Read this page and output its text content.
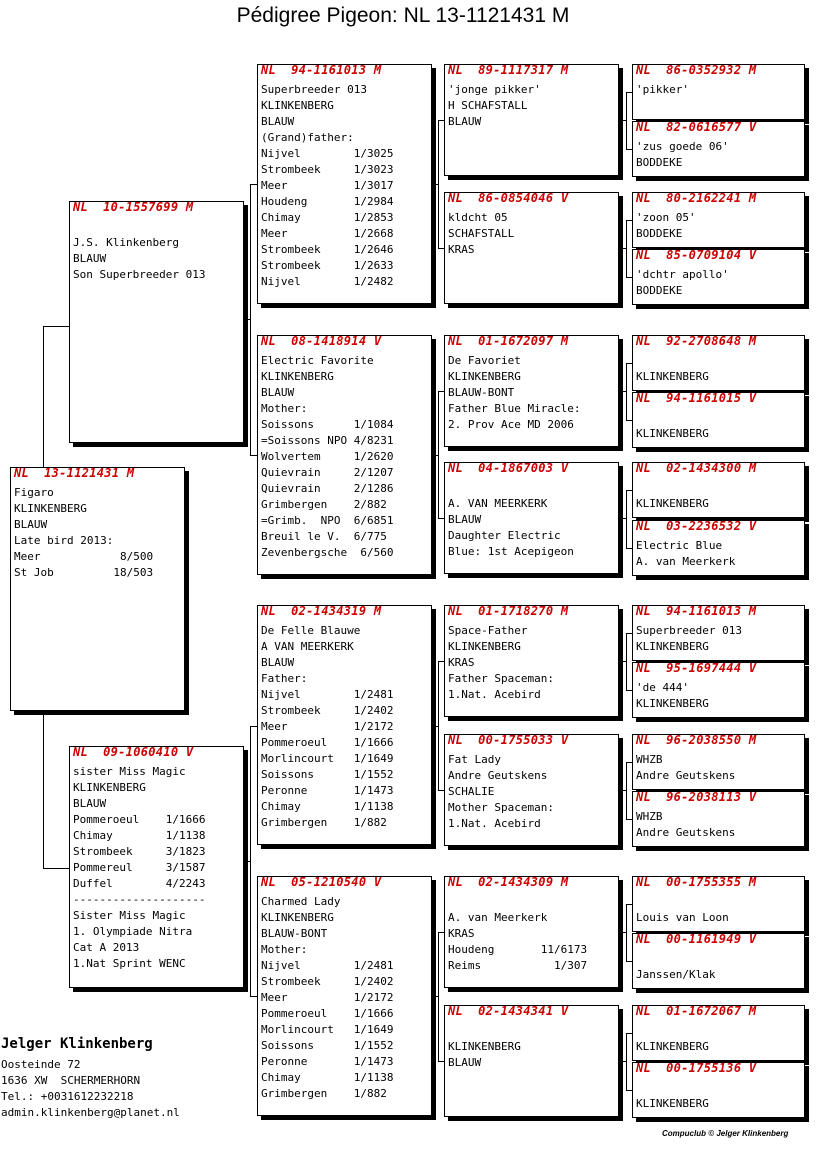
Pédigree Pigeon: NL 13-1121431 M
NL  13-1121431 M
Figaro
KLINKENBERG
BLAUW
Late bird 2013:
Meer            8/500
St Job         18/503
NL  10-1557699 M
J.S. Klinkenberg
BLAUW
Son Superbreeder 013
NL  09-1060410 V
sister Miss Magic
KLINKENBERG
BLAUW
Pommeroeul    1/1666
Chimay        1/1138
Strombeek     3/1823
Pommereul     3/1587
Duffel        4/2243
--------------------
Sister Miss Magic
1. Olympiade Nitra
Cat A 2013
1.Nat Sprint WENC
NL  94-1161013 M
Superbreeder 013
KLINKENBERG
BLAUW
(Grand)father:
Nijvel        1/3025
Strombeek     1/3023
Meer          1/3017
Houdeng       1/2984
Chimay        1/2853
Meer          1/2668
Strombeek     1/2646
Strombeek     1/2633
Nijvel        1/2482
NL  08-1418914 V
Electric Favorite
KLINKENBERG
BLAUW
Mother:
Soissons      1/1084
=Soissons NPO 4/8231
Wolvertem     1/2620
Quievrain     2/1207
Quievrain     2/1286
Grimbergen    2/882
=Grimb.  NPO  6/6851
Breuil le V.  6/775
Zevenbergsche  6/560
NL  02-1434319 M
De Felle Blauwe
A VAN MEERKERK
BLAUW
Father:
Nijvel        1/2481
Strombeek     1/2402
Meer          1/2172
Pommeroeul    1/1666
Morlincourt   1/1649
Soissons      1/1552
Peronne       1/1473
Chimay        1/1138
Grimbergen    1/882
NL  05-1210540 V
Charmed Lady
KLINKENBERG
BLAUW-BONT
Mother:
Nijvel        1/2481
Strombeek     1/2402
Meer          1/2172
Pommeroeul    1/1666
Morlincourt   1/1649
Soissons      1/1552
Peronne       1/1473
Chimay        1/1138
Grimbergen    1/882
NL  89-1117317 M
'jonge pikker'
H SCHAFSTALL
BLAUW
NL  86-0854046 V
kldcht 05
SCHAFSTALL
KRAS
NL  01-1672097 M
De Favoriet
KLINKENBERG
BLAUW-BONT
Father Blue Miracle:
2. Prov Ace MD 2006
NL  04-1867003 V
A. VAN MEERKERK
BLAUW
Daughter Electric
Blue: 1st Acepigeon
NL  01-1718270 M
Space-Father
KLINKENBERG
KRAS
Father Spaceman:
1.Nat. Acebird
NL  00-1755033 V
Fat Lady
Andre Geutskens
SCHALIE
Mother Spaceman:
1.Nat. Acebird
NL  02-1434309 M
A. van Meerkerk
KRAS
Houdeng       11/6173
Reims           1/307
NL  02-1434341 V
KLINKENBERG
BLAUW
NL  86-0352932 M
'pikker'
NL  82-0616577 V
'zus goede 06'
BODDEKE
NL  80-2162241 M
'zoon 05'
BODDEKE
NL  85-0709104 V
'dchtr apollo'
BODDEKE
NL  92-2708648 M
KLINKENBERG
NL  94-1161015 V
KLINKENBERG
NL  02-1434300 M
KLINKENBERG
NL  03-2236532 V
Electric Blue
A. van Meerkerk
NL  94-1161013 M
Superbreeder 013
KLINKENBERG
NL  95-1697444 V
'de 444'
KLINKENBERG
NL  96-2038550 M
WHZB
Andre Geutskens
NL  96-2038113 V
WHZB
Andre Geutskens
NL  00-1755355 M
Louis van Loon
NL  00-1161949 V
Janssen/Klak
NL  01-1672067 M
KLINKENBERG
NL  00-1755136 V
KLINKENBERG
Jelger Klinkenberg
Oosteinde 72
1636 XW  SCHERMERHORN
Tel.: +0031612232218
admin.klinkenberg@planet.nl
Compuclub © Jelger Klinkenberg
